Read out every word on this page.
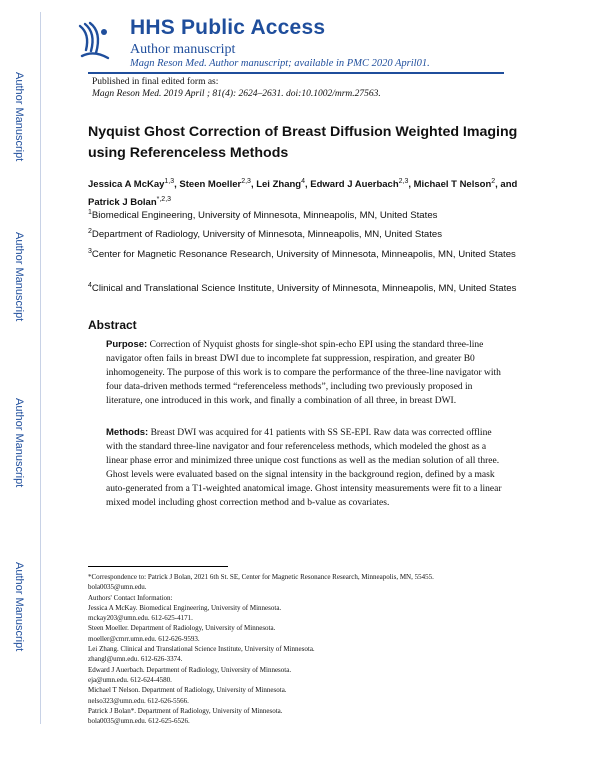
Author Manuscript
Author Manuscript
Author Manuscript
Author Manuscript
HHS Public Access
Author manuscript
Magn Reson Med. Author manuscript; available in PMC 2020 April01.
Published in final edited form as:
Magn Reson Med. 2019 April ; 81(4): 2624–2631. doi:10.1002/mrm.27563.
Nyquist Ghost Correction of Breast Diffusion Weighted Imaging using Referenceless Methods
Jessica A McKay$^{1,3}$, Steen Moeller$^{2,3}$, Lei Zhang$^4$, Edward J Auerbach$^{2,3}$, Michael T Nelson$^2$, and Patrick J Bolan$^{*,2,3}$
$^1$Biomedical Engineering, University of Minnesota, Minneapolis, MN, United States
$^2$Department of Radiology, University of Minnesota, Minneapolis, MN, United States
$^3$Center for Magnetic Resonance Research, University of Minnesota, Minneapolis, MN, United States
$^4$Clinical and Translational Science Institute, University of Minnesota, Minneapolis, MN, United States
Abstract
Purpose: Correction of Nyquist ghosts for single-shot spin-echo EPI using the standard three-line navigator often fails in breast DWI due to incomplete fat suppression, respiration, and greater B0 inhomogeneity. The purpose of this work is to compare the performance of the three-line navigator with four data-driven methods termed “referenceless methods”, including two previously proposed in literature, one introduced in this work, and finally a combination of all three, in breast DWI.
Methods: Breast DWI was acquired for 41 patients with SS SE-EPI. Raw data was corrected offline with the standard three-line navigator and four referenceless methods, which modeled the ghost as a linear phase error and minimized three unique cost functions as well as the median solution of all three. Ghost levels were evaluated based on the signal intensity in the background region, defined by a mask auto-generated from a T1-weighted anatomical image. Ghost intensity measurements were fit to a linear mixed model including ghost correction method and b-value as covariates.
*Correspondence to: Patrick J Bolan, 2021 6th St. SE, Center for Magnetic Resonance Research, Minneapolis, MN, 55455.
bola0035@umn.edu.
Authors' Contact Information:
Jessica A McKay. Biomedical Engineering, University of Minnesota.
mckay203@umn.edu. 612-625-4171.
Steen Moeller. Department of Radiology, University of Minnesota.
moeller@cmrr.umn.edu. 612-626-9593.
Lei Zhang. Clinical and Translational Science Institute, University of Minnesota.
zhangl@umn.edu. 612-626-3374.
Edward J Auerbach. Department of Radiology, University of Minnesota.
eja@umn.edu. 612-624-4580.
Michael T Nelson. Department of Radiology, University of Minnesota.
nelso323@umn.edu. 612-626-5566.
Patrick J Bolan*. Department of Radiology, University of Minnesota.
bola0035@umn.edu. 612-625-6526.
